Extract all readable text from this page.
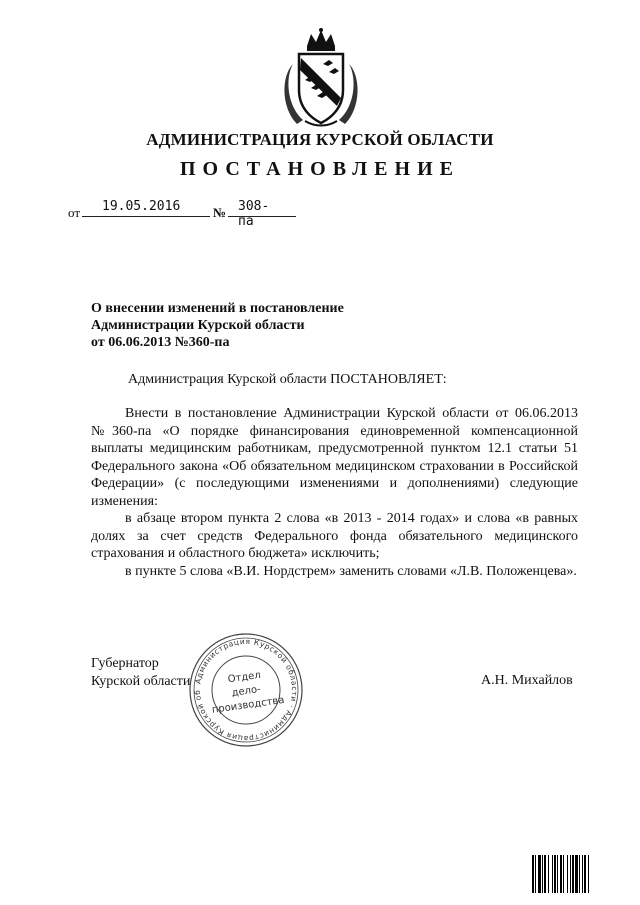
АДМИНИСТРАЦИЯ КУРСКОЙ ОБЛАСТИ
ПОСТАНОВЛЕНИЕ
от 19.05.2016	№ 308-па
О внесении изменений в постановление
Администрации Курской области
от 06.06.2013 №360-па
Администрация Курской области ПОСТАНОВЛЯЕТ:

Внести в постановление Администрации Курской области от 06.06.2013 №360-па «О порядке финансирования единовременной компенсационной выплаты медицинским работникам, предусмотренной пунктом 12.1 статьи 51 Федерального закона «Об обязательном медицинском страховании в Российской Федерации» (с последующими изменениями и дополнениями) следующие изменения:

в абзаце втором пункта 2 слова «в 2013 - 2014 годах» и слова «в равных долях за счет средств Федерального фонда обязательного медицинского страхования и областного бюджета» исключить;

в пункте 5 слова «В.И. Нордстрем» заменить словами «Л.В. Положенцева».

Губернатор
Курской области	А.Н. Михайлов
Администрация Курской области · Администрация Курской об
Отдел
дело-
производства
